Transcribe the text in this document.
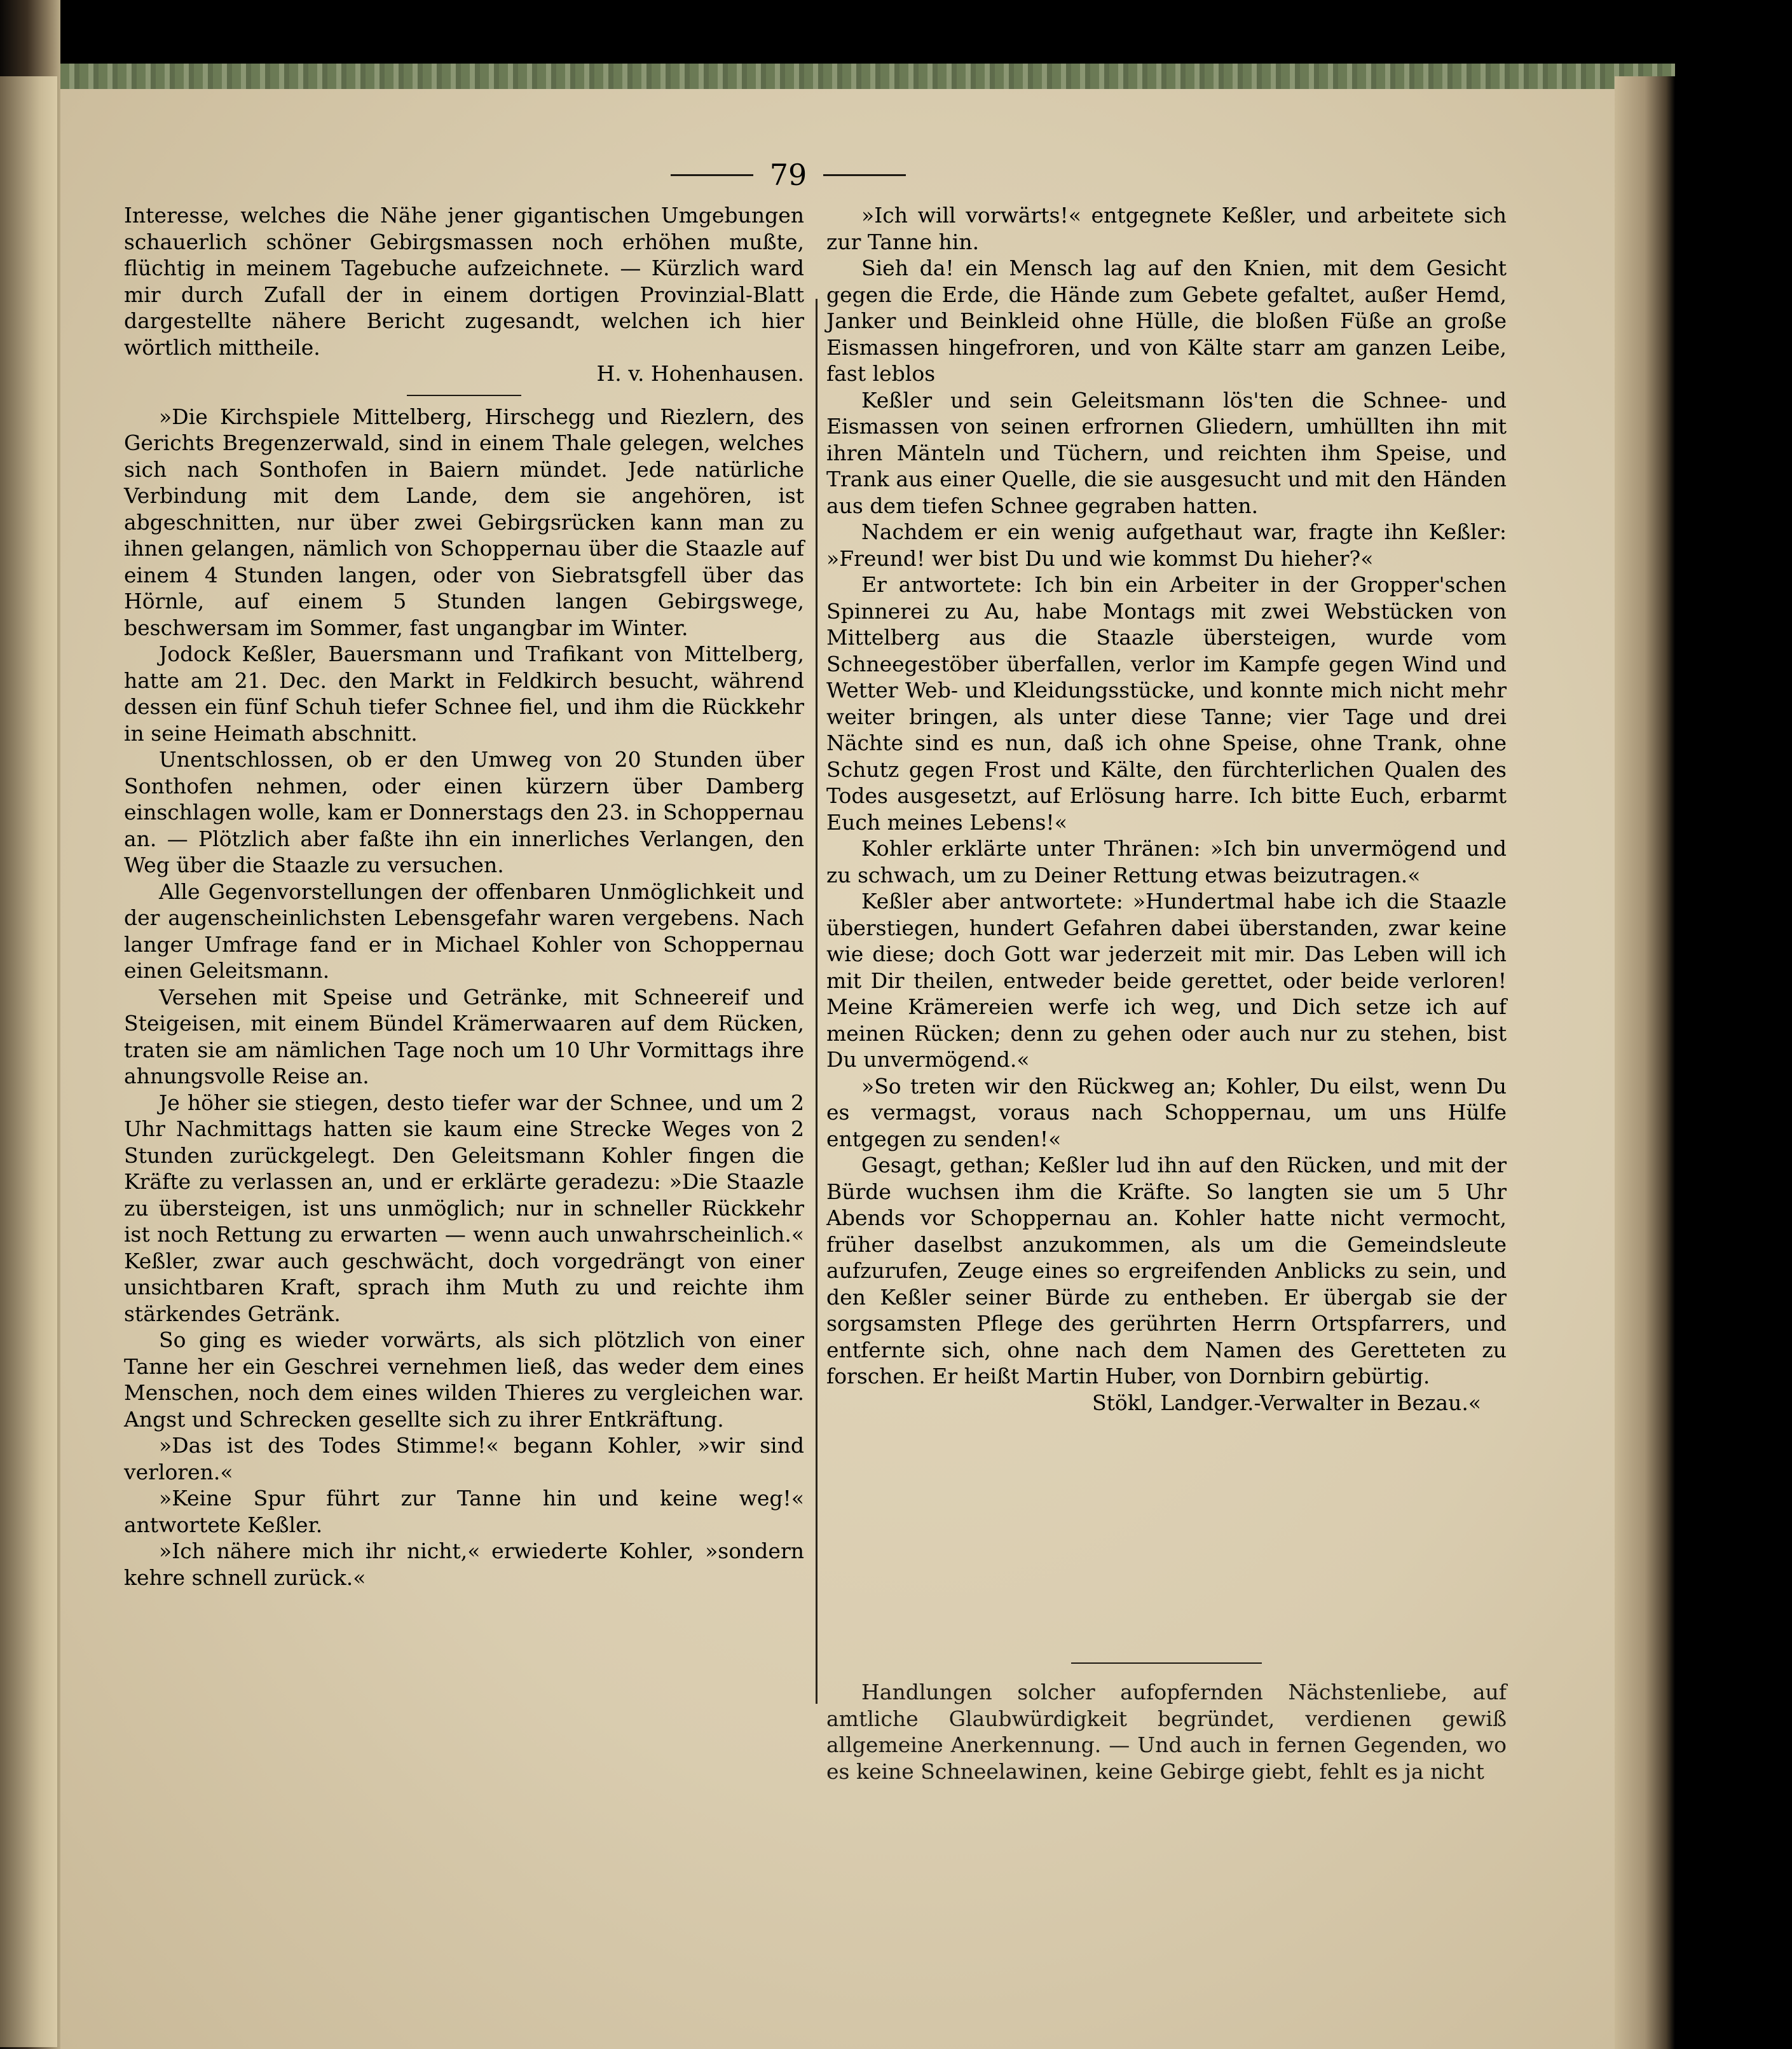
79

Interesse, welches die Nähe jener gigantischen Umgebungen schauerlich schöner Gebirgsmassen noch erhöhen mußte, flüchtig in meinem Tagebuche aufzeichnete. — Kürzlich ward mir durch Zufall der in einem dortigen Provinzial-Blatt dargestellte nähere Bericht zugesandt, welchen ich hier wörtlich mittheile.

H. v. Hohenhausen.

»Die Kirchspiele Mittelberg, Hirschegg und Riezlern, des Gerichts Bregenzerwald, sind in einem Thale gelegen, welches sich nach Sonthofen in Baiern mündet. Jede natürliche Verbindung mit dem Lande, dem sie angehören, ist abgeschnitten, nur über zwei Gebirgsrücken kann man zu ihnen gelangen, nämlich von Schoppernau über die Staazle auf einem 4 Stunden langen, oder von Siebratsgfell über das Hörnle, auf einem 5 Stunden langen Gebirgswege, beschwersam im Sommer, fast ungangbar im Winter.

Jodock Keßler, Bauersmann und Trafikant von Mittelberg, hatte am 21. Dec. den Markt in Feldkirch besucht, während dessen ein fünf Schuh tiefer Schnee fiel, und ihm die Rückkehr in seine Heimath abschnitt.

Unentschlossen, ob er den Umweg von 20 Stunden über Sonthofen nehmen, oder einen kürzern über Damberg einschlagen wolle, kam er Donnerstags den 23. in Schoppernau an. — Plötzlich aber faßte ihn ein innerliches Verlangen, den Weg über die Staazle zu versuchen.

Alle Gegenvorstellungen der offenbaren Unmöglichkeit und der augenscheinlichsten Lebensgefahr waren vergebens. Nach langer Umfrage fand er in Michael Kohler von Schoppernau einen Geleitsmann.

Versehen mit Speise und Getränke, mit Schneereif und Steigeisen, mit einem Bündel Krämerwaaren auf dem Rücken, traten sie am nämlichen Tage noch um 10 Uhr Vormittags ihre ahnungsvolle Reise an.

Je höher sie stiegen, desto tiefer war der Schnee, und um 2 Uhr Nachmittags hatten sie kaum eine Strecke Weges von 2 Stunden zurückgelegt. Den Geleitsmann Kohler fingen die Kräfte zu verlassen an, und er erklärte geradezu: »Die Staazle zu übersteigen, ist uns unmöglich; nur in schneller Rückkehr ist noch Rettung zu erwarten — wenn auch unwahrscheinlich.« Keßler, zwar auch geschwächt, doch vorgedrängt von einer unsichtbaren Kraft, sprach ihm Muth zu und reichte ihm stärkendes Getränk.

So ging es wieder vorwärts, als sich plötzlich von einer Tanne her ein Geschrei vernehmen ließ, das weder dem eines Menschen, noch dem eines wilden Thieres zu vergleichen war. Angst und Schrecken gesellte sich zu ihrer Entkräftung.

»Das ist des Todes Stimme!« begann Kohler, »wir sind verloren.«

»Keine Spur führt zur Tanne hin und keine weg!« antwortete Keßler.

»Ich nähere mich ihr nicht,« erwiederte Kohler, »sondern kehre schnell zurück.«

»Ich will vorwärts!« entgegnete Keßler, und arbeitete sich zur Tanne hin.

Sieh da! ein Mensch lag auf den Knien, mit dem Gesicht gegen die Erde, die Hände zum Gebete gefaltet, außer Hemd, Janker und Beinkleid ohne Hülle, die bloßen Füße an große Eismassen hingefroren, und von Kälte starr am ganzen Leibe, fast leblos

Keßler und sein Geleitsmann lös'ten die Schnee- und Eismassen von seinen erfrornen Gliedern, umhüllten ihn mit ihren Mänteln und Tüchern, und reichten ihm Speise, und Trank aus einer Quelle, die sie ausgesucht und mit den Händen aus dem tiefen Schnee gegraben hatten.

Nachdem er ein wenig aufgethaut war, fragte ihn Keßler: »Freund! wer bist Du und wie kommst Du hieher?«

Er antwortete: Ich bin ein Arbeiter in der Gropper'schen Spinnerei zu Au, habe Montags mit zwei Webstücken von Mittelberg aus die Staazle übersteigen, wurde vom Schneegestöber überfallen, verlor im Kampfe gegen Wind und Wetter Web- und Kleidungsstücke, und konnte mich nicht mehr weiter bringen, als unter diese Tanne; vier Tage und drei Nächte sind es nun, daß ich ohne Speise, ohne Trank, ohne Schutz gegen Frost und Kälte, den fürchterlichen Qualen des Todes ausgesetzt, auf Erlösung harre. Ich bitte Euch, erbarmt Euch meines Lebens!«

Kohler erklärte unter Thränen: »Ich bin unvermögend und zu schwach, um zu Deiner Rettung etwas beizutragen.«

Keßler aber antwortete: »Hundertmal habe ich die Staazle überstiegen, hundert Gefahren dabei überstanden, zwar keine wie diese; doch Gott war jederzeit mit mir. Das Leben will ich mit Dir theilen, entweder beide gerettet, oder beide verloren! Meine Krämereien werfe ich weg, und Dich setze ich auf meinen Rücken; denn zu gehen oder auch nur zu stehen, bist Du unvermögend.«

»So treten wir den Rückweg an; Kohler, Du eilst, wenn Du es vermagst, voraus nach Schoppernau, um uns Hülfe entgegen zu senden!«

Gesagt, gethan; Keßler lud ihn auf den Rücken, und mit der Bürde wuchsen ihm die Kräfte. So langten sie um 5 Uhr Abends vor Schoppernau an. Kohler hatte nicht vermocht, früher daselbst anzukommen, als um die Gemeindsleute aufzurufen, Zeuge eines so ergreifenden Anblicks zu sein, und den Keßler seiner Bürde zu entheben. Er übergab sie der sorgsamsten Pflege des gerührten Herrn Ortspfarrers, und entfernte sich, ohne nach dem Namen des Geretteten zu forschen. Er heißt Martin Huber, von Dornbirn gebürtig.

Stökl, Landger.-Verwalter in Bezau.«

Handlungen solcher aufopfernden Nächstenliebe, auf amtliche Glaubwürdigkeit begründet, verdienen gewiß allgemeine Anerkennung. — Und auch in fernen Gegenden, wo es keine Schneelawinen, keine Gebirge giebt, fehlt es ja nicht
